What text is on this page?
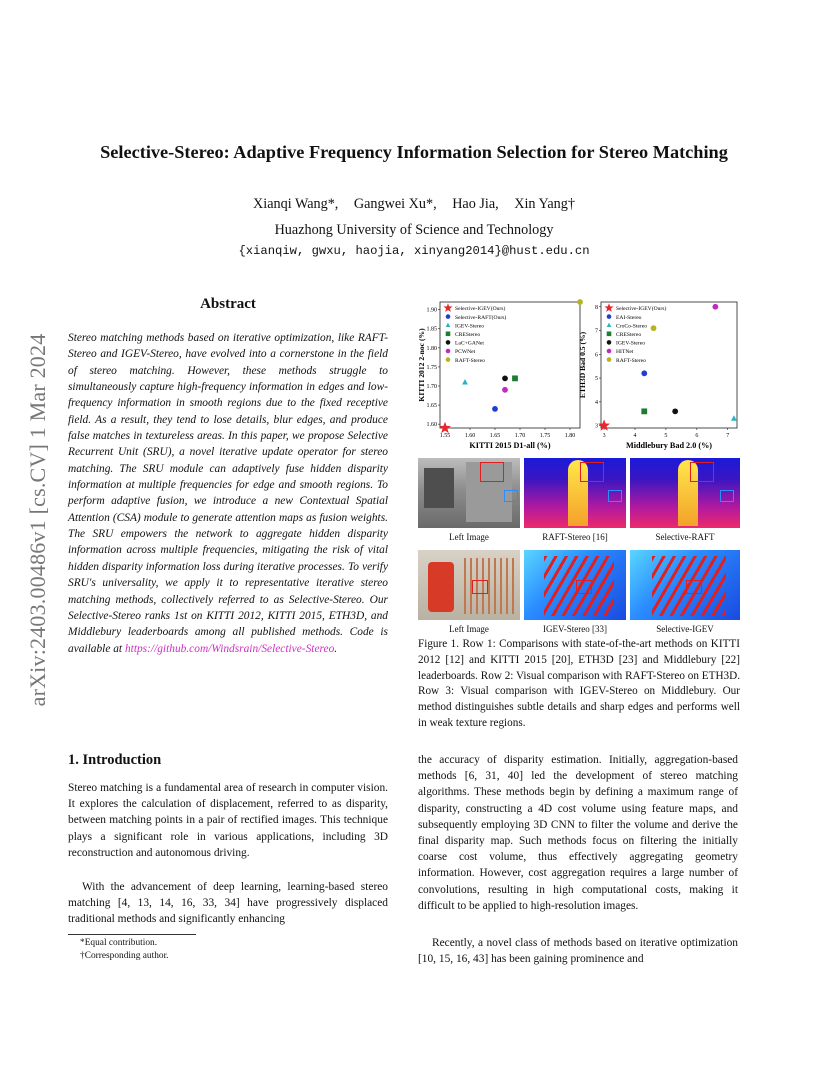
arXiv:2403.00486v1 [cs.CV] 1 Mar 2024
Selective-Stereo: Adaptive Frequency Information Selection for Stereo Matching
Xianqi Wang*, Gangwei Xu*, Hao Jia, Xin Yang†
Huazhong University of Science and Technology
{xianqiw, gwxu, haojia, xinyang2014}@hust.edu.cn
Abstract
Stereo matching methods based on iterative optimization, like RAFT-Stereo and IGEV-Stereo, have evolved into a cornerstone in the field of stereo matching. However, these methods struggle to simultaneously capture high-frequency information in edges and low-frequency information in smooth regions due to the fixed receptive field. As a result, they tend to lose details, blur edges, and produce false matches in textureless areas. In this paper, we propose Selective Recurrent Unit (SRU), a novel iterative update operator for stereo matching. The SRU module can adaptively fuse hidden disparity information at multiple frequencies for edge and smooth regions. To perform adaptive fusion, we introduce a new Contextual Spatial Attention (CSA) module to generate attention maps as fusion weights. The SRU empowers the network to aggregate hidden disparity information across multiple frequencies, mitigating the risk of vital hidden disparity information loss during iterative processes. To verify SRU's universality, we apply it to representative iterative stereo matching methods, collectively referred to as Selective-Stereo. Our Selective-Stereo ranks 1st on KITTI 2012, KITTI 2015, ETH3D, and Middlebury leaderboards among all published methods. Code is available at https://github.com/Windsrain/Selective-Stereo.
1. Introduction
Stereo matching is a fundamental area of research in computer vision. It explores the calculation of displacement, referred to as disparity, between matching points in a pair of rectified images. This technique plays a significant role in various applications, including 3D reconstruction and autonomous driving.
With the advancement of deep learning, learning-based stereo matching [4, 13, 14, 16, 33, 34] have progressively displaced traditional methods and significantly enhancing
*Equal contribution.
†Corresponding author.
the accuracy of disparity estimation. Initially, aggregation-based methods [6, 31, 40] led the development of stereo matching algorithms. These methods begin by defining a maximum range of disparity, constructing a 4D cost volume using feature maps, and subsequently employing 3D CNN to filter the volume and derive the final disparity map. Such methods focus on filtering the initially coarse cost volume, thus effectively aggregating geometry information. However, cost aggregation requires a large number of convolutions, resulting in high computational costs, making it difficult to be applied to high-resolution images.
Recently, a novel class of methods based on iterative optimization [10, 15, 16, 43] has been gaining prominence and
1.55 1.60 1.65 1.70 1.75 1.80
1.60
1.65
1.70
1.75
1.80
1.85
1.90
KITTI 2015 D1-all (%)
KITTI 2012 2-noc (%)
Selective-IGEV(Ours)
Selective-RAFT(Ours)
IGEV-Stereo
CREStereo
LaC+GANet
PCWNet
RAFT-Stereo
3	4	5	6	7
3
4
5
6
7
8
Middlebury Bad 2.0 (%)
ETH3D Bad 0.5 (%)
Selective-IGEV(Ours)
EAI-Stereo
CroCo-Stereo
CREStereo
IGEV-Stereo
HITNet
RAFT-Stereo
Left Image	RAFT-Stereo [16]	Selective-RAFT
Left Image	IGEV-Stereo [33]	Selective-IGEV
Figure 1. Row 1: Comparisons with state-of-the-art methods on KITTI 2012 [12] and KITTI 2015 [20], ETH3D [23] and Middlebury [22] leaderboards. Row 2: Visual comparison with RAFT-Stereo on ETH3D. Row 3: Visual comparison with IGEV-Stereo on Middlebury. Our method distinguishes subtle details and sharp edges and performs well in weak texture regions.
